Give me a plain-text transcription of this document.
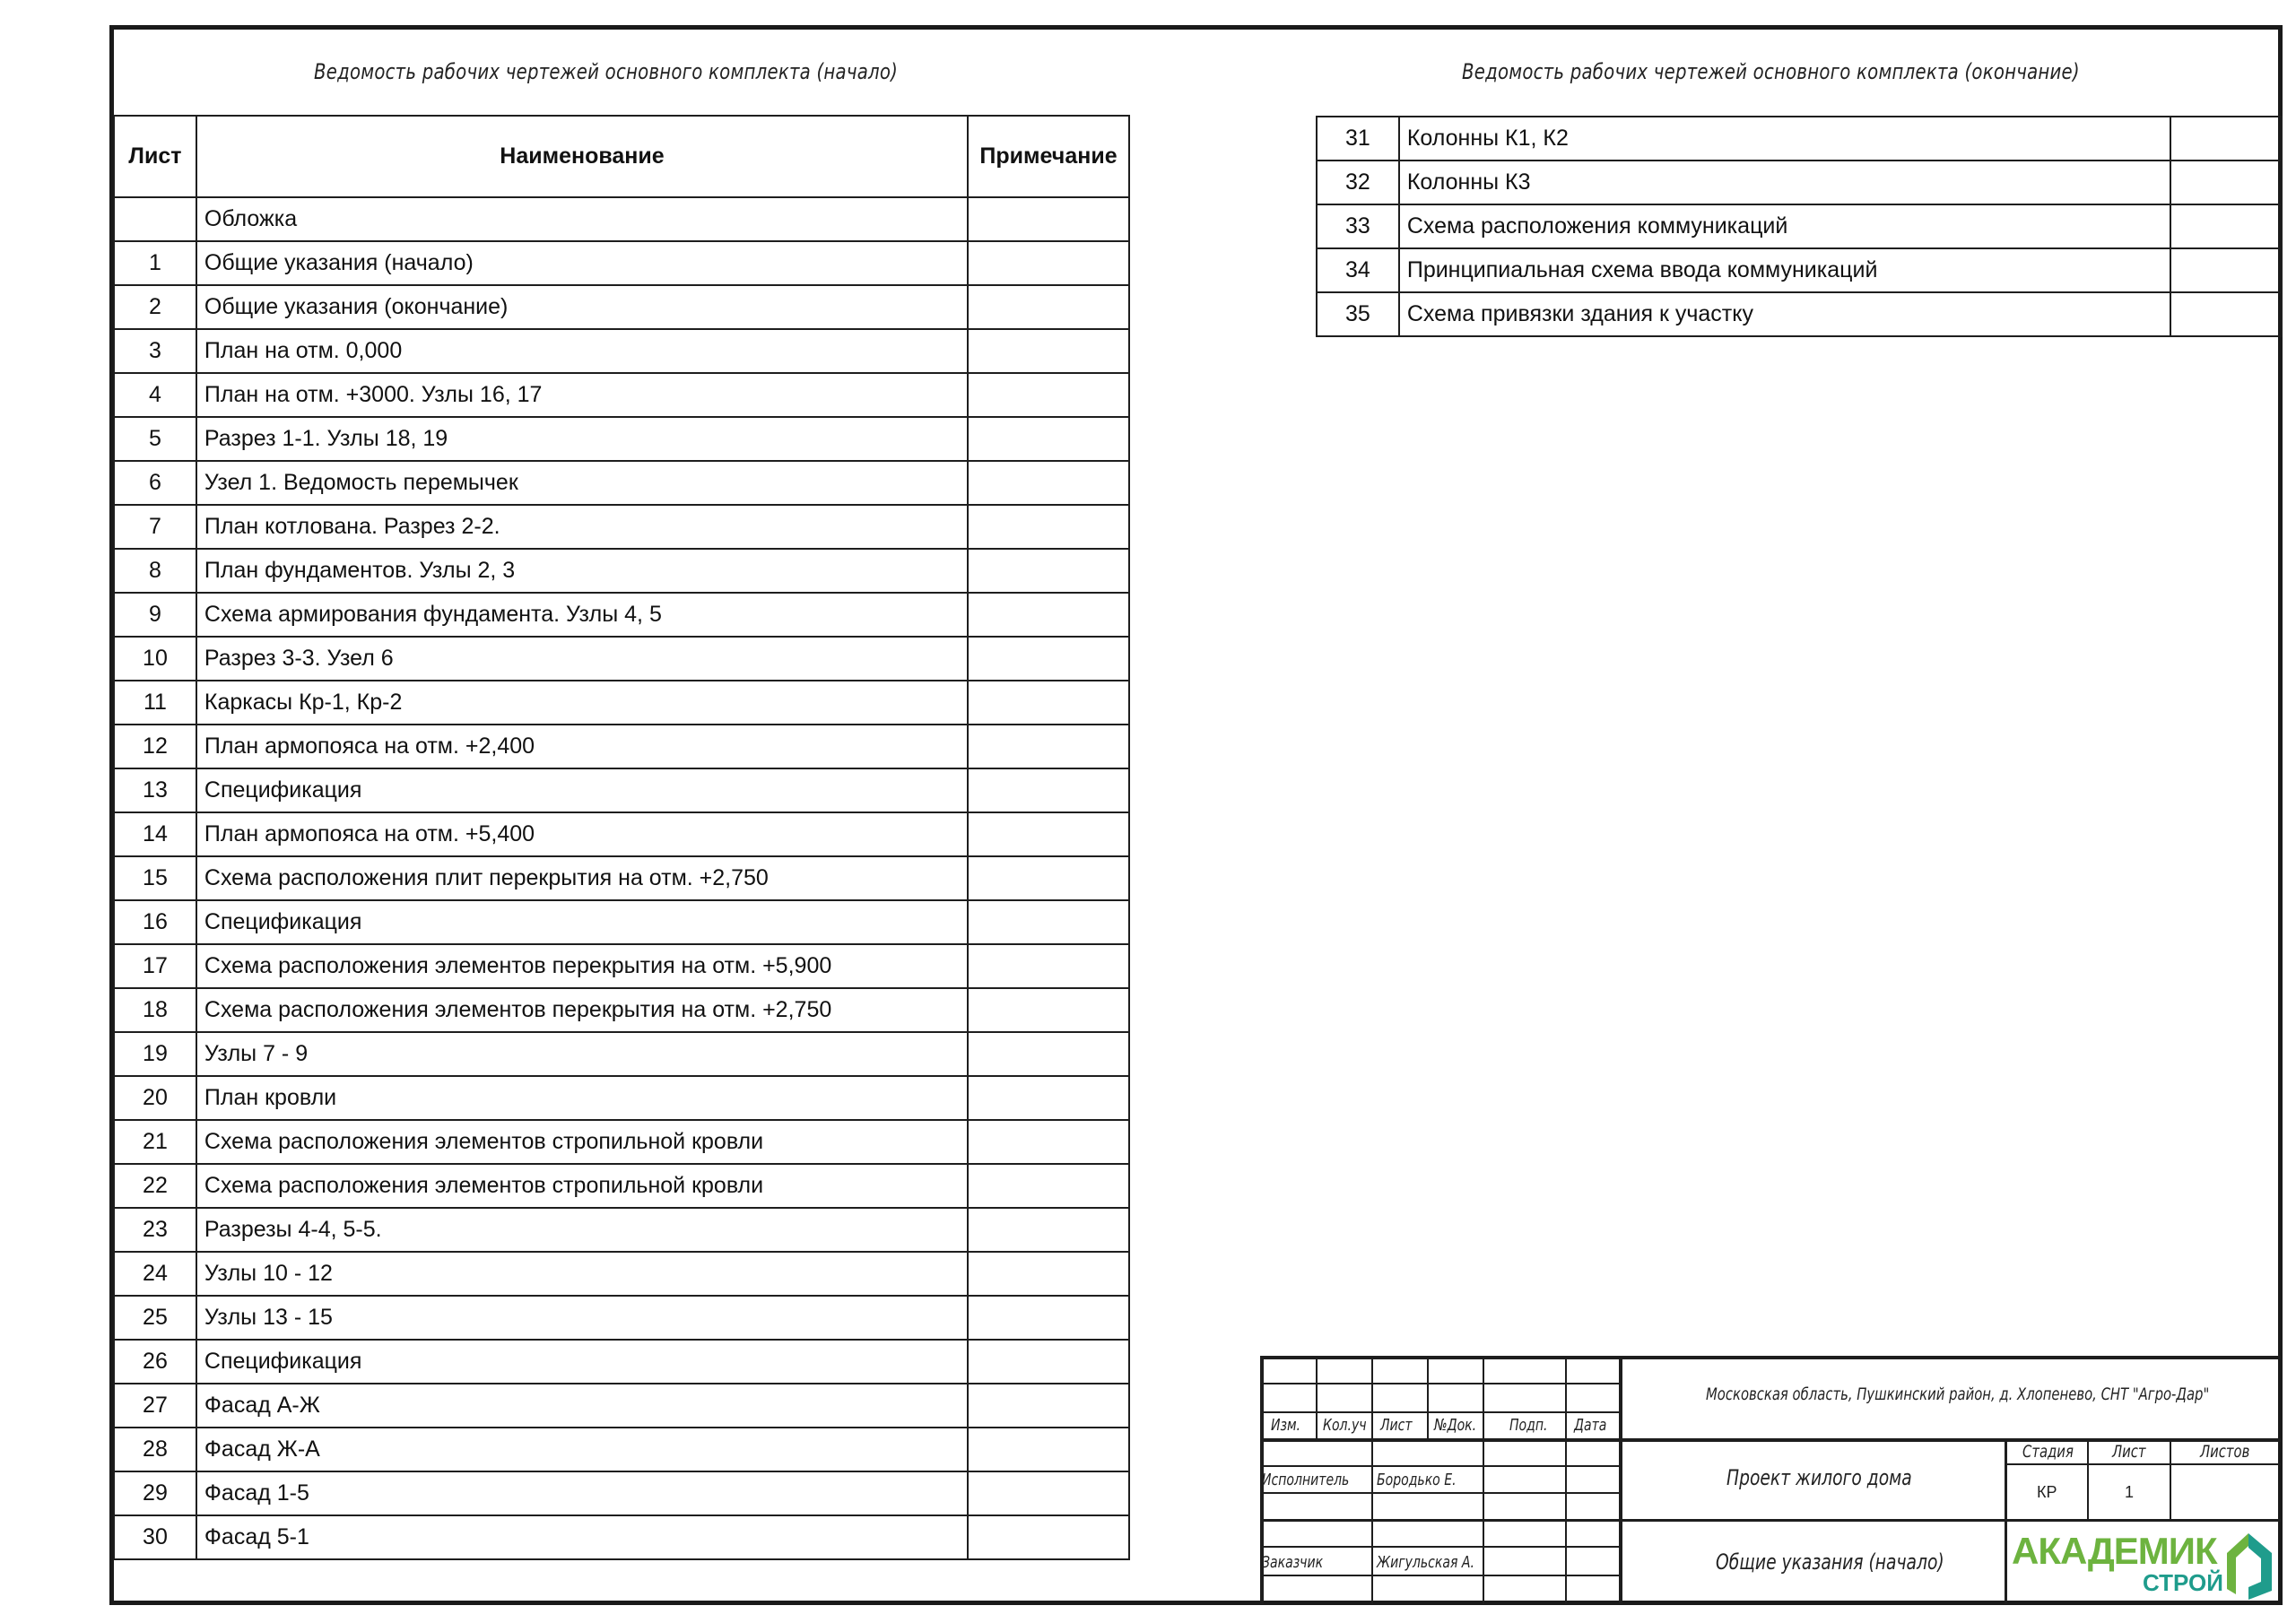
Ведомость рабочих чертежей основного комплекта (начало)	Ведомость рабочих чертежей основного комплекта (окончание)
Лист	Наименование	Примечание
	Обложка	
1	Общие указания (начало)	
2	Общие указания (окончание)	
3	План на отм. 0,000	
4	План на отм. +3000. Узлы 16, 17	
5	Разрез 1-1. Узлы 18, 19	
6	Узел 1. Ведомость перемычек	
7	План котлована. Разрез 2-2.	
8	План фундаментов. Узлы 2, 3	
9	Схема армирования фундамента. Узлы 4, 5	
10	Разрез 3-3. Узел 6	
11	Каркасы Кр-1, Кр-2	
12	План армопояса на отм. +2,400	
13	Спецификация	
14	План армопояса на отм. +5,400	
15	Схема расположения плит перекрытия на отм. +2,750	
16	Спецификация	
17	Схема расположения элементов перекрытия на отм. +5,900	
18	Схема расположения элементов перекрытия на отм. +2,750	
19	Узлы 7 - 9	
20	План кровли	
21	Схема расположения элементов стропильной кровли	
22	Схема расположения элементов стропильной кровли	
23	Разрезы 4-4, 5-5.	
24	Узлы 10 - 12	
25	Узлы 13 - 15	
26	Спецификация	
27	Фасад А-Ж	
28	Фасад Ж-А	
29	Фасад 1-5	
30	Фасад 5-1	
31	Колонны К1, К2	
32	Колонны К3	
33	Схема расположения коммуникаций	
34	Принципиальная схема ввода коммуникаций	
35	Схема привязки здания к участку	
Изм. Кол.уч Лист №Док. Подп. Дата
Московская область, Пушкинский район, д. Хлопенево, СНТ "Агро-Дар"
Исполнитель Бородько Е.
Заказчик	Жигульская А.
Проект жилого дома
Общие указания (начало)
Стадия Лист	Листов
КР	1
АКАДЕМИК
СТРОЙ
